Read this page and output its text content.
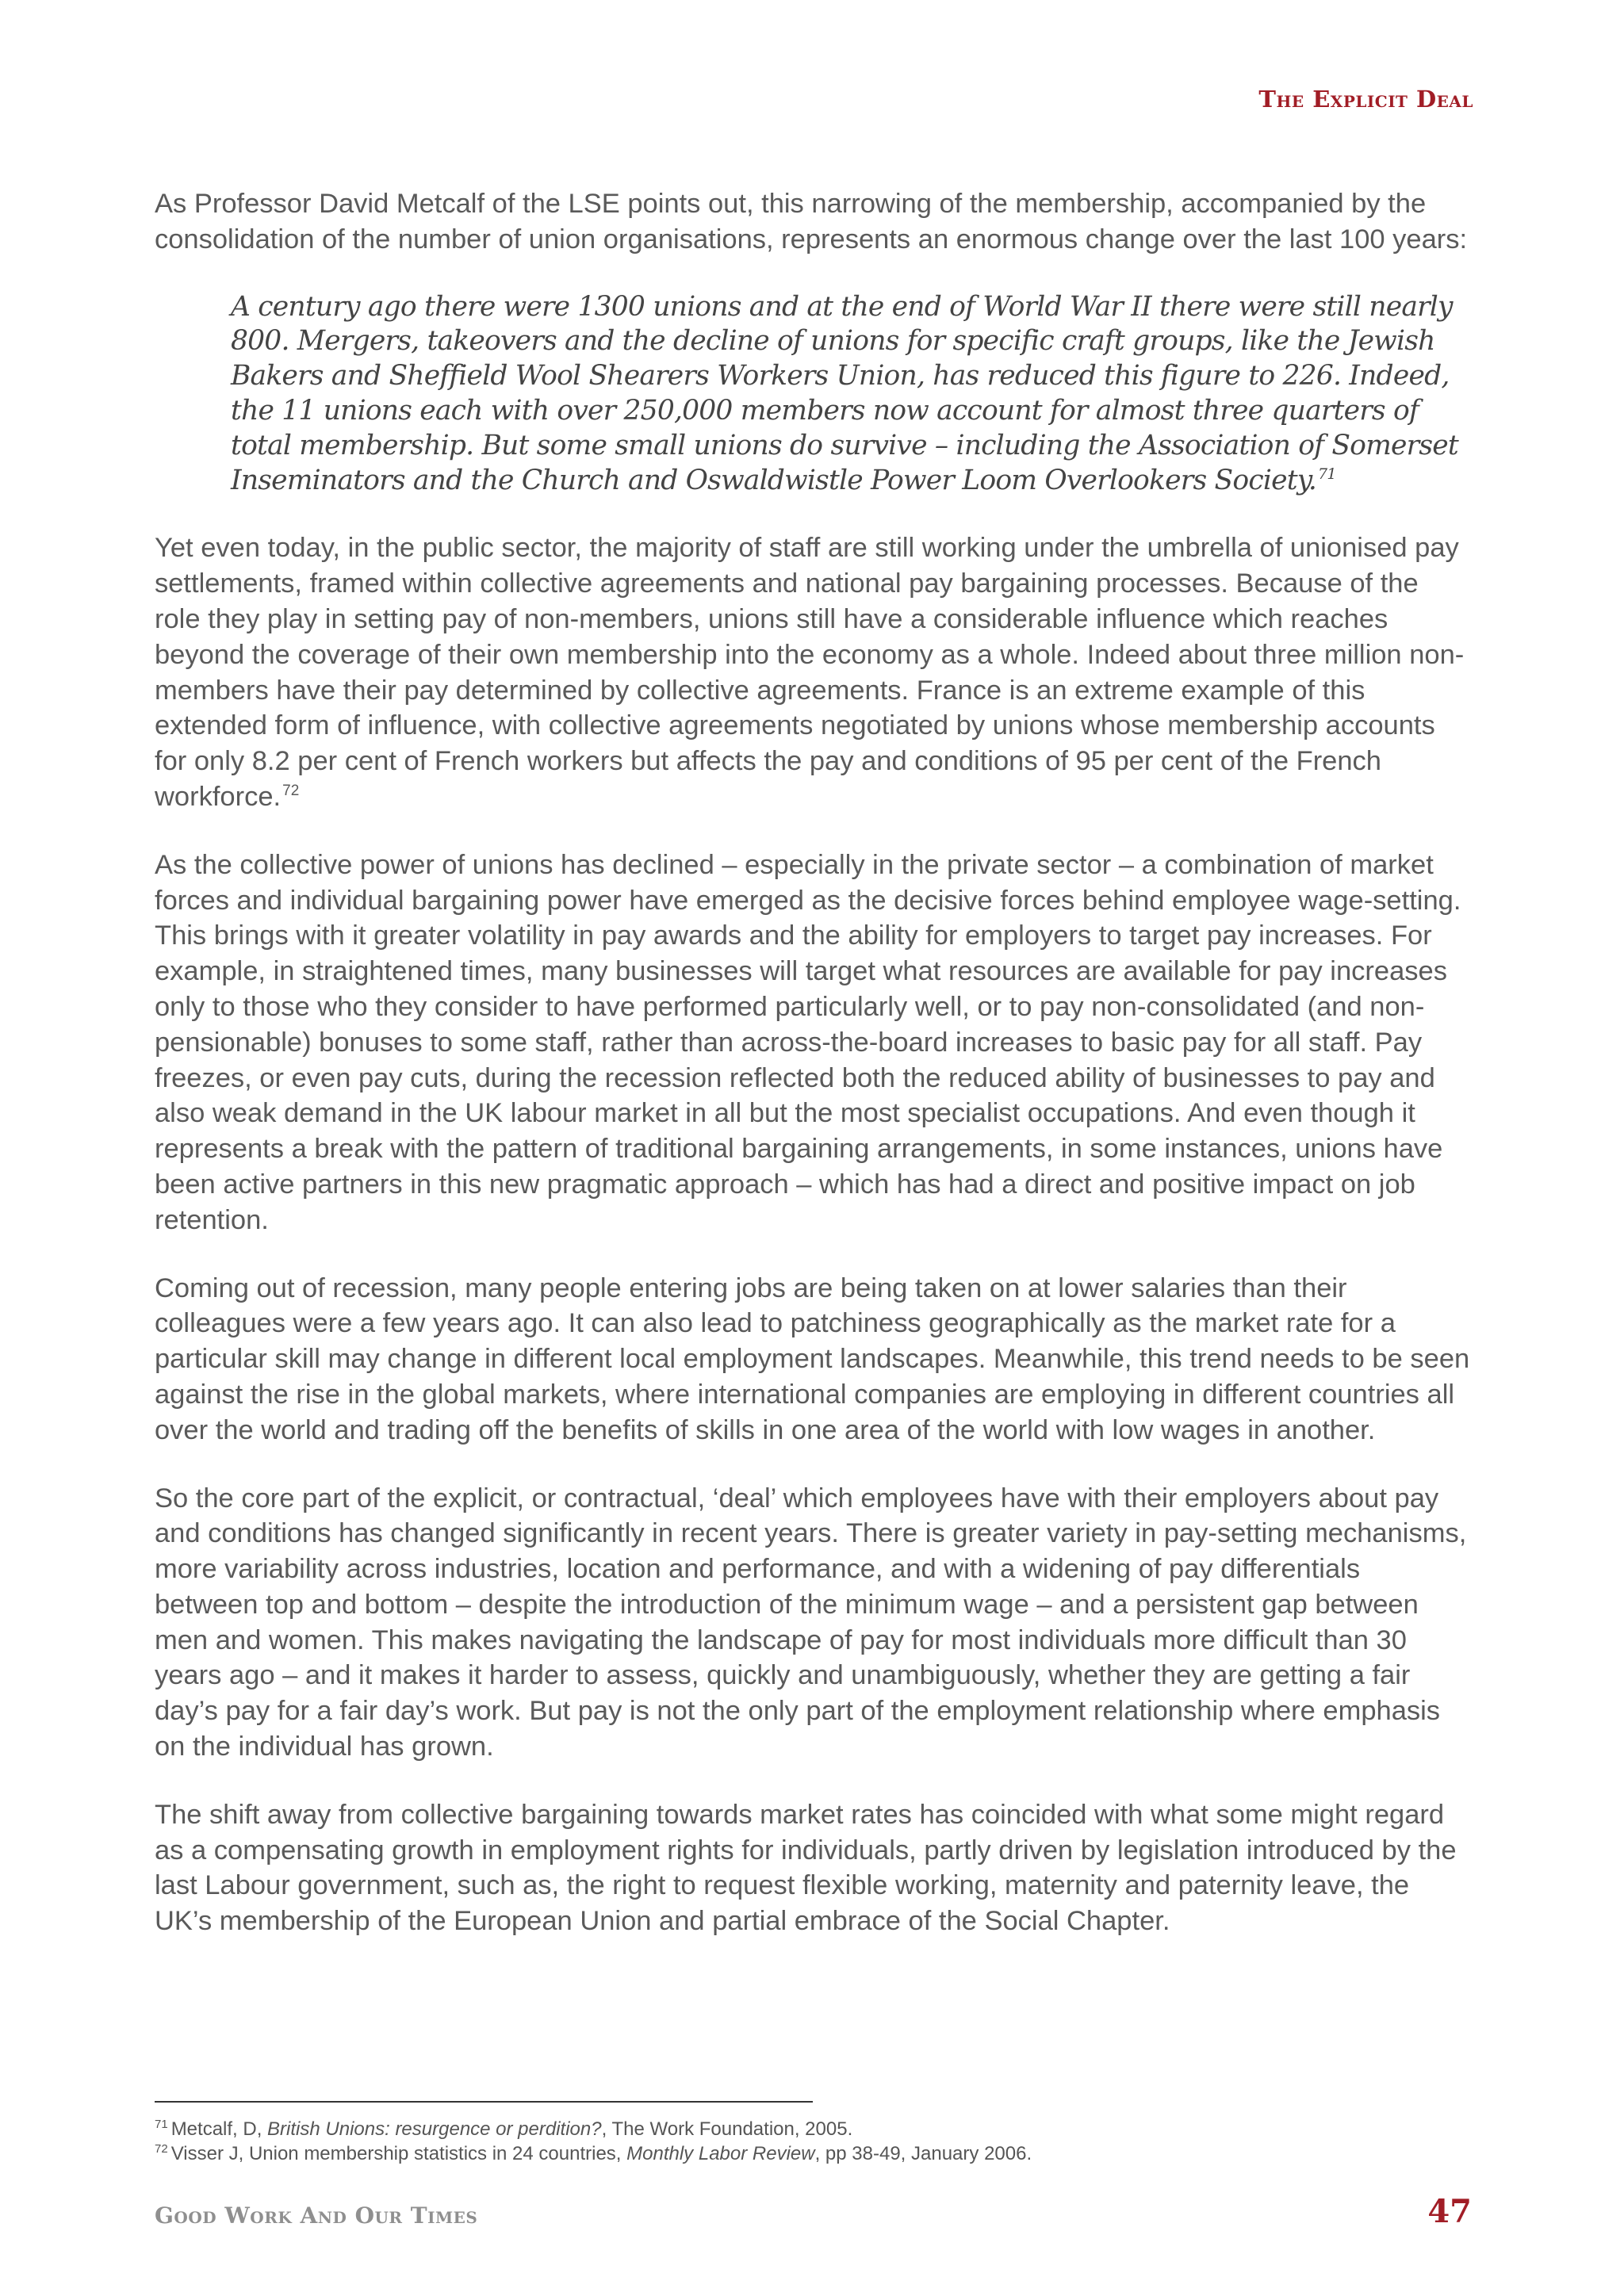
The Explicit Deal

As Professor David Metcalf of the LSE points out, this narrowing of the membership, accompanied by the consolidation of the number of union organisations, represents an enormous change over the last 100 years:

A century ago there were 1300 unions and at the end of World War II there were still nearly 800. Mergers, takeovers and the decline of unions for specific craft groups, like the Jewish Bakers and Sheffield Wool Shearers Workers Union, has reduced this figure to 226. Indeed, the 11 unions each with over 250,000 members now account for almost three quarters of total membership. But some small unions do survive – including the Association of Somerset Inseminators and the Church and Oswaldwistle Power Loom Overlookers Society. $^{71}$

Yet even today, in the public sector, the majority of staff are still working under the umbrella of unionised pay settlements, framed within collective agreements and national pay bargaining processes. Because of the role they play in setting pay of non-members, unions still have a considerable influence which reaches beyond the coverage of their own membership into the economy as a whole. Indeed about three million non-members have their pay determined by collective agreements. France is an extreme example of this extended form of influence, with collective agreements negotiated by unions whose membership accounts for only 8.2 per cent of French workers but affects the pay and conditions of 95 per cent of the French workforce. $^{72}$

As the collective power of unions has declined – especially in the private sector – a combination of market forces and individual bargaining power have emerged as the decisive forces behind employee wage-setting. This brings with it greater volatility in pay awards and the ability for employers to target pay increases. For example, in straightened times, many businesses will target what resources are available for pay increases only to those who they consider to have performed particularly well, or to pay non-consolidated (and non-pensionable) bonuses to some staff, rather than across-the-board increases to basic pay for all staff. Pay freezes, or even pay cuts, during the recession reflected both the reduced ability of businesses to pay and also weak demand in the UK labour market in all but the most specialist occupations. And even though it represents a break with the pattern of traditional bargaining arrangements, in some instances, unions have been active partners in this new pragmatic approach – which has had a direct and positive impact on job retention.

Coming out of recession, many people entering jobs are being taken on at lower salaries than their colleagues were a few years ago. It can also lead to patchiness geographically as the market rate for a particular skill may change in different local employment landscapes. Meanwhile, this trend needs to be seen against the rise in the global markets, where international companies are employing in different countries all over the world and trading off the benefits of skills in one area of the world with low wages in another.

So the core part of the explicit, or contractual, ‘deal’ which employees have with their employers about pay and conditions has changed significantly in recent years. There is greater variety in pay-setting mechanisms, more variability across industries, location and performance, and with a widening of pay differentials between top and bottom – despite the introduction of the minimum wage – and a persistent gap between men and women. This makes navigating the landscape of pay for most individuals more difficult than 30 years ago – and it makes it harder to assess, quickly and unambiguously, whether they are getting a fair day’s pay for a fair day’s work. But pay is not the only part of the employment relationship where emphasis on the individual has grown.

The shift away from collective bargaining towards market rates has coincided with what some might regard as a compensating growth in employment rights for individuals, partly driven by legislation introduced by the last Labour government, such as, the right to request flexible working, maternity and paternity leave, the UK’s membership of the European Union and partial embrace of the Social Chapter.

$^{71}$ Metcalf, D, British Unions: resurgence or perdition?, The Work Foundation, 2005.
$^{72}$ Visser J, Union membership statistics in 24 countries, Monthly Labor Review, pp 38-49, January 2006.
Good Work And Our Times	47
